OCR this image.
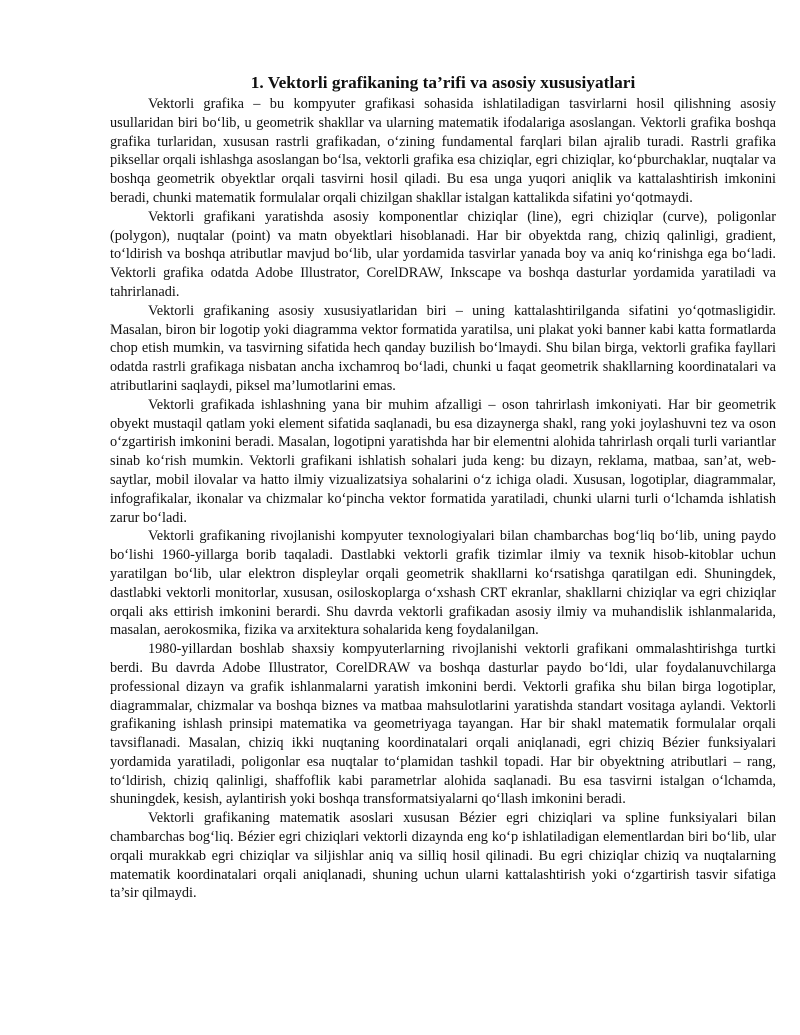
1. Vektorli grafikaning ta’rifi va asosiy xususiyatlari

Vektorli grafika – bu kompyuter grafikasi sohasida ishlatiladigan tasvirlarni hosil qilishning asosiy usullaridan biri bo‘lib, u geometrik shakllar va ularning matematik ifodalariga asoslangan. Vektorli grafika boshqa grafika turlaridan, xususan rastrli grafikadan, o‘zining fundamental farqlari bilan ajralib turadi. Rastrli grafika piksellar orqali ishlashga asoslangan bo‘lsa, vektorli grafika esa chiziqlar, egri chiziqlar, ko‘pburchaklar, nuqtalar va boshqa geometrik obyektlar orqali tasvirni hosil qiladi. Bu esa unga yuqori aniqlik va kattalashtirish imkonini beradi, chunki matematik formulalar orqali chizilgan shakllar istalgan kattalikda sifatini yo‘qotmaydi.

Vektorli grafikani yaratishda asosiy komponentlar chiziqlar (line), egri chiziqlar (curve), poligonlar (polygon), nuqtalar (point) va matn obyektlari hisoblanadi. Har bir obyektda rang, chiziq qalinligi, gradient, to‘ldirish va boshqa atributlar mavjud bo‘lib, ular yordamida tasvirlar yanada boy va aniq ko‘rinishga ega bo‘ladi. Vektorli grafika odatda Adobe Illustrator, CorelDRAW, Inkscape va boshqa dasturlar yordamida yaratiladi va tahrirlanadi.

Vektorli grafikaning asosiy xususiyatlaridan biri – uning kattalashtirilganda sifatini yo‘qotmasligidir. Masalan, biron bir logotip yoki diagramma vektor formatida yaratilsa, uni plakat yoki banner kabi katta formatlarda chop etish mumkin, va tasvirning sifatida hech qanday buzilish bo‘lmaydi. Shu bilan birga, vektorli grafika fayllari odatda rastrli grafikaga nisbatan ancha ixchamroq bo‘ladi, chunki u faqat geometrik shakllarning koordinatalari va atributlarini saqlaydi, piksel ma’lumotlarini emas.

Vektorli grafikada ishlashning yana bir muhim afzalligi – oson tahrirlash imkoniyati. Har bir geometrik obyekt mustaqil qatlam yoki element sifatida saqlanadi, bu esa dizaynerga shakl, rang yoki joylashuvni tez va oson o‘zgartirish imkonini beradi. Masalan, logotipni yaratishda har bir elementni alohida tahrirlash orqali turli variantlar sinab ko‘rish mumkin. Vektorli grafikani ishlatish sohalari juda keng: bu dizayn, reklama, matbaa, san’at, web-saytlar, mobil ilovalar va hatto ilmiy vizualizatsiya sohalarini o‘z ichiga oladi. Xususan, logotiplar, diagrammalar, infografikalar, ikonalar va chizmalar ko‘pincha vektor formatida yaratiladi, chunki ularni turli o‘lchamda ishlatish zarur bo‘ladi.

Vektorli grafikaning rivojlanishi kompyuter texnologiyalari bilan chambarchas bog‘liq bo‘lib, uning paydo bo‘lishi 1960-yillarga borib taqaladi. Dastlabki vektorli grafik tizimlar ilmiy va texnik hisob-kitoblar uchun yaratilgan bo‘lib, ular elektron displeylar orqali geometrik shakllarni ko‘rsatishga qaratilgan edi. Shuningdek, dastlabki vektorli monitorlar, xususan, osiloskoplarga o‘xshash CRT ekranlar, shakllarni chiziqlar va egri chiziqlar orqali aks ettirish imkonini berardi. Shu davrda vektorli grafikadan asosiy ilmiy va muhandislik ishlanmalarida, masalan, aerokosmika, fizika va arxitektura sohalarida keng foydalanilgan.

1980-yillardan boshlab shaxsiy kompyuterlarning rivojlanishi vektorli grafikani ommalashtirishga turtki berdi. Bu davrda Adobe Illustrator, CorelDRAW va boshqa dasturlar paydo bo‘ldi, ular foydalanuvchilarga professional dizayn va grafik ishlanmalarni yaratish imkonini berdi. Vektorli grafika shu bilan birga logotiplar, diagrammalar, chizmalar va boshqa biznes va matbaa mahsulotlarini yaratishda standart vositaga aylandi. Vektorli grafikaning ishlash prinsipi matematika va geometriyaga tayangan. Har bir shakl matematik formulalar orqali tavsiflanadi. Masalan, chiziq ikki nuqtaning koordinatalari orqali aniqlanadi, egri chiziq Bézier funksiyalari yordamida yaratiladi, poligonlar esa nuqtalar to‘plamidan tashkil topadi. Har bir obyektning atributlari – rang, to‘ldirish, chiziq qalinligi, shaffoflik kabi parametrlar alohida saqlanadi. Bu esa tasvirni istalgan o‘lchamda, shuningdek, kesish, aylantirish yoki boshqa transformatsiyalarni qo‘llash imkonini beradi.

Vektorli grafikaning matematik asoslari xususan Bézier egri chiziqlari va spline funksiyalari bilan chambarchas bog‘liq. Bézier egri chiziqlari vektorli dizaynda eng ko‘p ishlatiladigan elementlardan biri bo‘lib, ular orqali murakkab egri chiziqlar va siljishlar aniq va silliq hosil qilinadi. Bu egri chiziqlar chiziq va nuqtalarning matematik koordinatalari orqali aniqlanadi, shuning uchun ularni kattalashtirish yoki o‘zgartirish tasvir sifatiga ta’sir qilmaydi.
